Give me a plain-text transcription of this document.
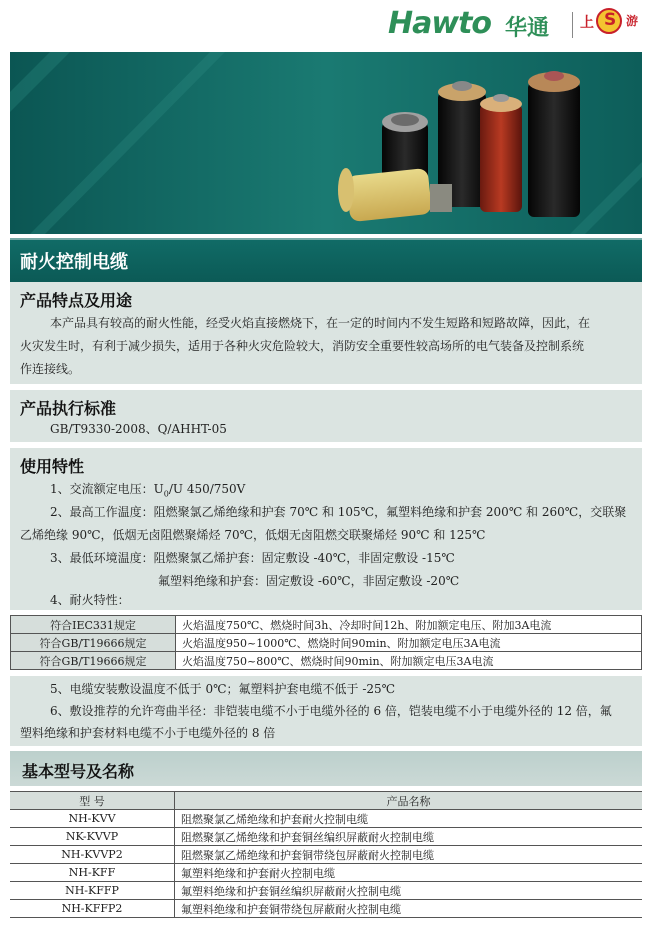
Hawto 华通 上 S	游
耐火控制电缆
产品特点及用途
本产品具有较高的耐火性能，经受火焰直接燃烧下，在一定的时间内不发生短路和短路故障，因此，在
火灾发生时，有利于减少损失，适用于各种火灾危险较大，消防安全重要性较高场所的电气装备及控制系统
作连接线。
产品执行标准
GB/T9330-2008、Q/AHHT-05
使用特性
1、交流额定电压：$U_0/U$ 450/750V
2、最高工作温度：阻燃聚氯乙烯绝缘和护套 70℃ 和 105℃，氟塑料绝缘和护套 200℃ 和 260℃，交联聚
乙烯绝缘 90℃，低烟无卤阻燃聚烯烃 70℃，低烟无卤阻燃交联聚烯烃 90℃ 和 125℃
3、最低环境温度：阻燃聚氯乙烯护套：固定敷设 -40℃，非固定敷设 -15℃
氟塑料绝缘和护套：固定敷设 -60℃，非固定敷设 -20℃
4、耐火特性：
符合IEC331规定	火焰温度750℃、燃烧时间3h、冷却时间12h、附加额定电压、附加3A电流
符合GB/T19666规定	火焰温度950~1000℃、燃烧时间90min、附加额定电压3A电流
符合GB/T19666规定	火焰温度750~800℃、燃烧时间90min、附加额定电压3A电流
5、电缆安装敷设温度不低于 0℃；氟塑料护套电缆不低于 -25℃
6、敷设推荐的允许弯曲半径：非铠装电缆不小于电缆外径的 6 倍，铠装电缆不小于电缆外径的 12 倍，氟
塑料绝缘和护套材料电缆不小于电缆外径的 8 倍
基本型号及名称
型 号	产品名称
NH-KVV	阻燃聚氯乙烯绝缘和护套耐火控制电缆
NK-KVVP	阻燃聚氯乙烯绝缘和护套铜丝编织屏蔽耐火控制电缆
NH-KVVP2	阻燃聚氯乙烯绝缘和护套铜带绕包屏蔽耐火控制电缆
NH-KFF	氟塑料绝缘和护套耐火控制电缆
NH-KFFP	氟塑料绝缘和护套铜丝编织屏蔽耐火控制电缆
NH-KFFP2	氟塑料绝缘和护套铜带绕包屏蔽耐火控制电缆
